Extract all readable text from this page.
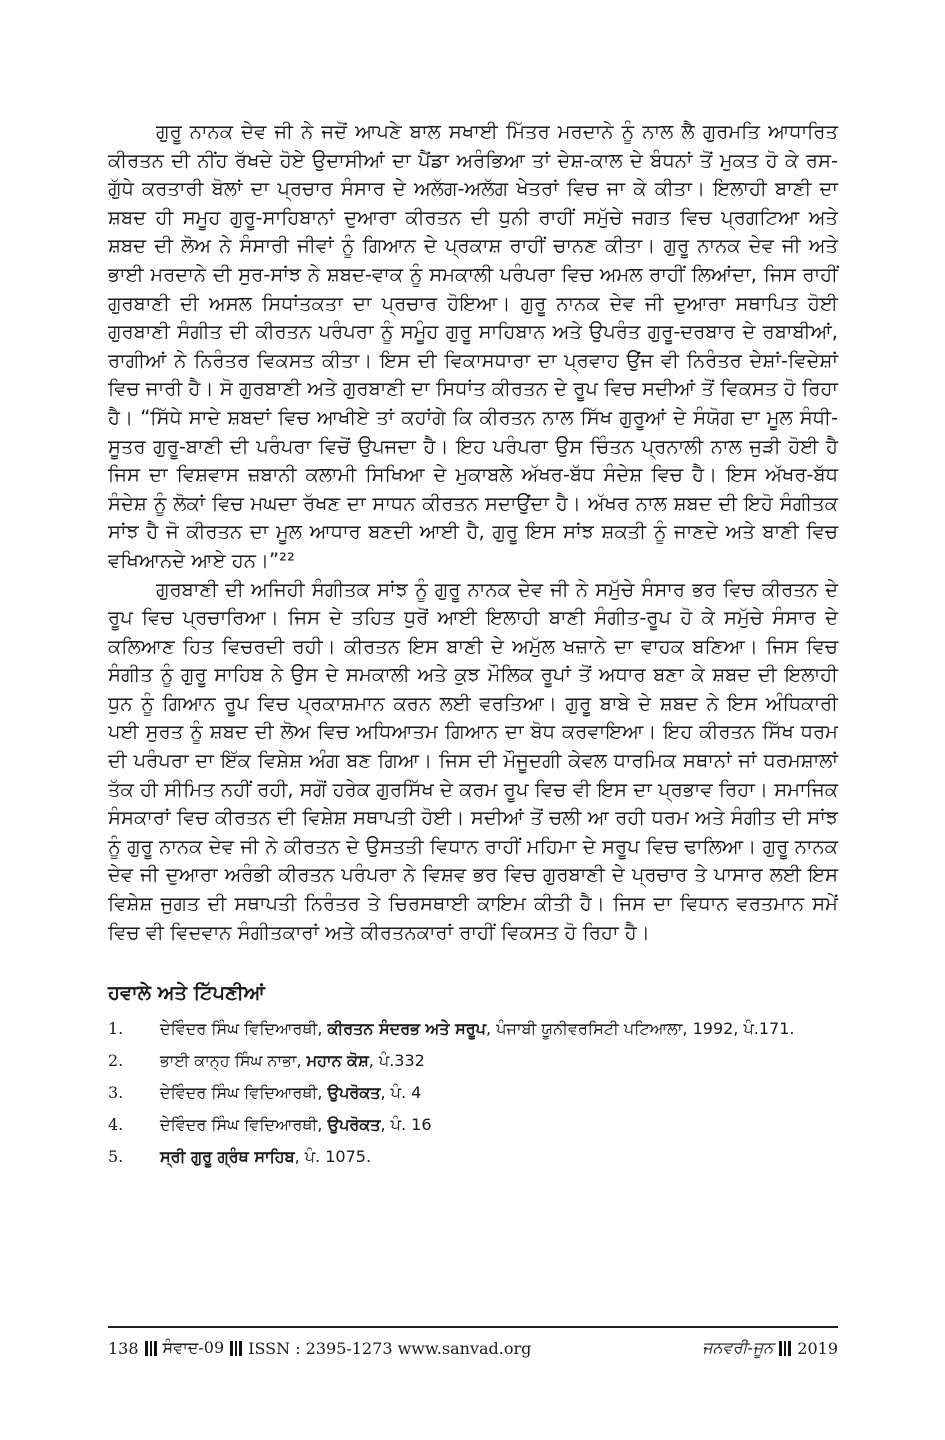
ਗੁਰੂ ਨਾਨਕ ਦੇਵ ਜੀ ਨੇ ਜਦੋਂ ਆਪਣੇ ਬਾਲ ਸਖਾਈ ਮਿੱਤਰ ਮਰਦਾਨੇ ਨੂੰ ਨਾਲ ਲੈ ਗੁਰਮਤਿ ਆਧਾਰਿਤ ਕੀਰਤਨ ਦੀ ਨੀਂਹ ਰੱਖਦੇ ਹੋਏ ਉਦਾਸੀਆਂ ਦਾ ਪੈਂਡਾ ਅਰੰਭਿਆ ਤਾਂ ਦੇਸ਼-ਕਾਲ ਦੇ ਬੰਧਨਾਂ ਤੋਂ ਮੁਕਤ ਹੋ ਕੇ ਰਸ-ਗੁੱਧੇ ਕਰਤਾਰੀ ਬੋਲਾਂ ਦਾ ਪ੍ਰਚਾਰ ਸੰਸਾਰ ਦੇ ਅਲੱਗ-ਅਲੱਗ ਖੇਤਰਾਂ ਵਿਚ ਜਾ ਕੇ ਕੀਤਾ। ਇਲਾਹੀ ਬਾਣੀ ਦਾ ਸ਼ਬਦ ਹੀ ਸਮੂਹ ਗੁਰੂ-ਸਾਹਿਬਾਨਾਂ ਦੁਆਰਾ ਕੀਰਤਨ ਦੀ ਧੁਨੀ ਰਾਹੀਂ ਸਮੁੱਚੇ ਜਗਤ ਵਿਚ ਪ੍ਰਗਟਿਆ ਅਤੇ ਸ਼ਬਦ ਦੀ ਲੋਅ ਨੇ ਸੰਸਾਰੀ ਜੀਵਾਂ ਨੂੰ ਗਿਆਨ ਦੇ ਪ੍ਰਕਾਸ਼ ਰਾਹੀਂ ਚਾਨਣ ਕੀਤਾ। ਗੁਰੂ ਨਾਨਕ ਦੇਵ ਜੀ ਅਤੇ ਭਾਈ ਮਰਦਾਨੇ ਦੀ ਸੁਰ-ਸਾਂਝ ਨੇ ਸ਼ਬਦ-ਵਾਕ ਨੂੰ ਸਮਕਾਲੀ ਪਰੰਪਰਾ ਵਿਚ ਅਮਲ ਰਾਹੀਂ ਲਿਆਂਦਾ, ਜਿਸ ਰਾਹੀਂ ਗੁਰਬਾਣੀ ਦੀ ਅਸਲ ਸਿਧਾਂਤਕਤਾ ਦਾ ਪ੍ਰਚਾਰ ਹੋਇਆ। ਗੁਰੂ ਨਾਨਕ ਦੇਵ ਜੀ ਦੁਆਰਾ ਸਥਾਪਿਤ ਹੋਈ ਗੁਰਬਾਣੀ ਸੰਗੀਤ ਦੀ ਕੀਰਤਨ ਪਰੰਪਰਾ ਨੂੰ ਸਮੂੰਹ ਗੁਰੂ ਸਾਹਿਬਾਨ ਅਤੇ ਉਪਰੰਤ ਗੁਰੂ-ਦਰਬਾਰ ਦੇ ਰਬਾਬੀਆਂ, ਰਾਗੀਆਂ ਨੇ ਨਿਰੰਤਰ ਵਿਕਸਤ ਕੀਤਾ। ਇਸ ਦੀ ਵਿਕਾਸਧਾਰਾ ਦਾ ਪ੍ਰਵਾਹ ਉਂਜ ਵੀ ਨਿਰੰਤਰ ਦੇਸ਼ਾਂ-ਵਿਦੇਸ਼ਾਂ ਵਿਚ ਜਾਰੀ ਹੈ। ਸੋ ਗੁਰਬਾਣੀ ਅਤੇ ਗੁਰਬਾਣੀ ਦਾ ਸਿਧਾਂਤ ਕੀਰਤਨ ਦੇ ਰੂਪ ਵਿਚ ਸਦੀਆਂ ਤੋਂ ਵਿਕਸਤ ਹੋ ਰਿਹਾ ਹੈ। “ਸਿੱਧੇ ਸਾਦੇ ਸ਼ਬਦਾਂ ਵਿਚ ਆਖੀਏ ਤਾਂ ਕਹਾਂਗੇ ਕਿ ਕੀਰਤਨ ਨਾਲ ਸਿੱਖ ਗੁਰੂਆਂ ਦੇ ਸੰਯੋਗ ਦਾ ਮੂਲ ਸੰਧੀ-ਸੂਤਰ ਗੁਰੂ-ਬਾਣੀ ਦੀ ਪਰੰਪਰਾ ਵਿਚੋਂ ਉਪਜਦਾ ਹੈ। ਇਹ ਪਰੰਪਰਾ ਉਸ ਚਿੰਤਨ ਪ੍ਰਨਾਲੀ ਨਾਲ ਜੁੜੀ ਹੋਈ ਹੈ ਜਿਸ ਦਾ ਵਿਸ਼ਵਾਸ ਜ਼ਬਾਨੀ ਕਲਾਮੀ ਸਿਖਿਆ ਦੇ ਮੁਕਾਬਲੇ ਅੱਖਰ-ਬੱਧ ਸੰਦੇਸ਼ ਵਿਚ ਹੈ। ਇਸ ਅੱਖਰ-ਬੱਧ ਸੰਦੇਸ਼ ਨੂੰ ਲੋਕਾਂ ਵਿਚ ਮਘਦਾ ਰੱਖਣ ਦਾ ਸਾਧਨ ਕੀਰਤਨ ਸਦਾਉਂਦਾ ਹੈ। ਅੱਖਰ ਨਾਲ ਸ਼ਬਦ ਦੀ ਇਹੋ ਸੰਗੀਤਕ ਸਾਂਝ ਹੈ ਜੋ ਕੀਰਤਨ ਦਾ ਮੂਲ ਆਧਾਰ ਬਣਦੀ ਆਈ ਹੈ, ਗੁਰੂ ਇਸ ਸਾਂਝ ਸ਼ਕਤੀ ਨੂੰ ਜਾਣਦੇ ਅਤੇ ਬਾਣੀ ਵਿਚ ਵਖਿਆਨਦੇ ਆਏ ਹਨ।”²²

ਗੁਰਬਾਣੀ ਦੀ ਅਜਿਹੀ ਸੰਗੀਤਕ ਸਾਂਝ ਨੂੰ ਗੁਰੂ ਨਾਨਕ ਦੇਵ ਜੀ ਨੇ ਸਮੁੱਚੇ ਸੰਸਾਰ ਭਰ ਵਿਚ ਕੀਰਤਨ ਦੇ ਰੂਪ ਵਿਚ ਪ੍ਰਚਾਰਿਆ। ਜਿਸ ਦੇ ਤਹਿਤ ਧੁਰੋਂ ਆਈ ਇਲਾਹੀ ਬਾਣੀ ਸੰਗੀਤ-ਰੂਪ ਹੋ ਕੇ ਸਮੁੱਚੇ ਸੰਸਾਰ ਦੇ ਕਲਿਆਣ ਹਿਤ ਵਿਚਰਦੀ ਰਹੀ। ਕੀਰਤਨ ਇਸ ਬਾਣੀ ਦੇ ਅਮੁੱਲ ਖਜ਼ਾਨੇ ਦਾ ਵਾਹਕ ਬਣਿਆ। ਜਿਸ ਵਿਚ ਸੰਗੀਤ ਨੂੰ ਗੁਰੂ ਸਾਹਿਬ ਨੇ ਉਸ ਦੇ ਸਮਕਾਲੀ ਅਤੇ ਕੁਝ ਮੌਲਿਕ ਰੂਪਾਂ ਤੋਂ ਅਧਾਰ ਬਣਾ ਕੇ ਸ਼ਬਦ ਦੀ ਇਲਾਹੀ ਧੁਨ ਨੂੰ ਗਿਆਨ ਰੂਪ ਵਿਚ ਪ੍ਰਕਾਸ਼ਮਾਨ ਕਰਨ ਲਈ ਵਰਤਿਆ। ਗੁਰੂ ਬਾਬੇ ਦੇ ਸ਼ਬਦ ਨੇ ਇਸ ਅੰਧਿਕਾਰੀ ਪਈ ਸੁਰਤ ਨੂੰ ਸ਼ਬਦ ਦੀ ਲੋਅ ਵਿਚ ਅਧਿਆਤਮ ਗਿਆਨ ਦਾ ਬੋਧ ਕਰਵਾਇਆ। ਇਹ ਕੀਰਤਨ ਸਿੱਖ ਧਰਮ ਦੀ ਪਰੰਪਰਾ ਦਾ ਇੱਕ ਵਿਸ਼ੇਸ਼ ਅੰਗ ਬਣ ਗਿਆ। ਜਿਸ ਦੀ ਮੌਜੂਦਗੀ ਕੇਵਲ ਧਾਰਮਿਕ ਸਥਾਨਾਂ ਜਾਂ ਧਰਮਸ਼ਾਲਾਂ ਤੱਕ ਹੀ ਸੀਮਿਤ ਨਹੀਂ ਰਹੀ, ਸਗੋਂ ਹਰੇਕ ਗੁਰਸਿੱਖ ਦੇ ਕਰਮ ਰੂਪ ਵਿਚ ਵੀ ਇਸ ਦਾ ਪ੍ਰਭਾਵ ਰਿਹਾ। ਸਮਾਜਿਕ ਸੰਸਕਾਰਾਂ ਵਿਚ ਕੀਰਤਨ ਦੀ ਵਿਸ਼ੇਸ਼ ਸਥਾਪਤੀ ਹੋਈ। ਸਦੀਆਂ ਤੋਂ ਚਲੀ ਆ ਰਹੀ ਧਰਮ ਅਤੇ ਸੰਗੀਤ ਦੀ ਸਾਂਝ ਨੂੰ ਗੁਰੂ ਨਾਨਕ ਦੇਵ ਜੀ ਨੇ ਕੀਰਤਨ ਦੇ ਉਸਤਤੀ ਵਿਧਾਨ ਰਾਹੀਂ ਮਹਿਮਾ ਦੇ ਸਰੂਪ ਵਿਚ ਢਾਲਿਆ। ਗੁਰੂ ਨਾਨਕ ਦੇਵ ਜੀ ਦੁਆਰਾ ਅਰੰਭੀ ਕੀਰਤਨ ਪਰੰਪਰਾ ਨੇ ਵਿਸ਼ਵ ਭਰ ਵਿਚ ਗੁਰਬਾਣੀ ਦੇ ਪ੍ਰਚਾਰ ਤੇ ਪਾਸਾਰ ਲਈ ਇਸ ਵਿਸ਼ੇਸ਼ ਜੁਗਤ ਦੀ ਸਥਾਪਤੀ ਨਿਰੰਤਰ ਤੇ ਚਿਰਸਥਾਈ ਕਾਇਮ ਕੀਤੀ ਹੈ। ਜਿਸ ਦਾ ਵਿਧਾਨ ਵਰਤਮਾਨ ਸਮੇਂ ਵਿਚ ਵੀ ਵਿਦਵਾਨ ਸੰਗੀਤਕਾਰਾਂ ਅਤੇ ਕੀਰਤਨਕਾਰਾਂ ਰਾਹੀਂ ਵਿਕਸਤ ਹੋ ਰਿਹਾ ਹੈ।

ਹਵਾਲੇ ਅਤੇ ਟਿੱਪਣੀਆਂ
1.	ਦੇਵਿੰਦਰ ਸਿੰਘ ਵਿਦਿਆਰਥੀ, ਕੀਰਤਨ ਸੰਦਰਭ ਅਤੇ ਸਰੂਪ, ਪੰਜਾਬੀ ਯੂਨੀਵਰਸਿਟੀ ਪਟਿਆਲਾ, 1992, ਪੰ.171.
2.	ਭਾਈ ਕਾਨ੍ਹ ਸਿੰਘ ਨਾਭਾ, ਮਹਾਨ ਕੋਸ਼, ਪੰ.332
3.	ਦੇਵਿੰਦਰ ਸਿੰਘ ਵਿਦਿਆਰਥੀ, ਉਪਰੋਕਤ, ਪੰ. 4
4.	ਦੇਵਿੰਦਰ ਸਿੰਘ ਵਿਦਿਆਰਥੀ, ਉਪਰੋਕਤ, ਪੰ. 16
5.	ਸ੍ਰੀ ਗੁਰੂ ਗ੍ਰੰਥ ਸਾਹਿਬ, ਪੰ. 1075.
138 ਸੰਵਾਦ-09 ISSN : 2395-1273 www.sanvad.org	ਜਨਵਰੀ-ਜੂਨ 2019
